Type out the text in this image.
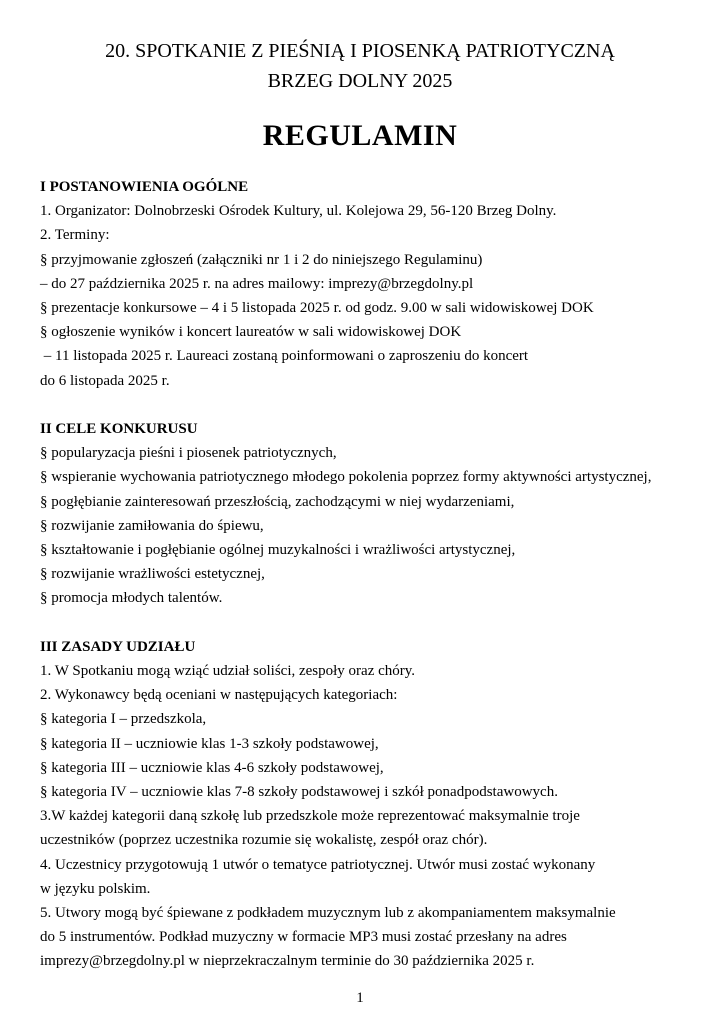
20. SPOTKANIE Z PIEŚNIĄ I PIOSENKĄ PATRIOTYCZNĄ
BRZEG DOLNY 2025
REGULAMIN
I POSTANOWIENIA OGÓLNE
1. Organizator: Dolnobrzeski Ośrodek Kultury, ul. Kolejowa 29, 56-120 Brzeg Dolny.
2. Terminy:
§ przyjmowanie zgłoszeń (załączniki nr 1 i 2 do niniejszego Regulaminu)
– do 27 października 2025 r. na adres mailowy: imprezy@brzegdolny.pl
§ prezentacje konkursowe – 4 i 5 listopada 2025 r. od godz. 9.00 w sali widowiskowej DOK
§ ogłoszenie wyników i koncert laureatów w sali widowiskowej DOK
– 11 listopada 2025 r. Laureaci zostaną poinformowani o zaproszeniu do koncert
do 6 listopada 2025 r.
II CELE KONKURUSU
§ popularyzacja pieśni i piosenek patriotycznych,
§ wspieranie wychowania patriotycznego młodego pokolenia poprzez formy aktywności artystycznej,
§ pogłębianie zainteresowań przeszłością, zachodzącymi w niej wydarzeniami,
§ rozwijanie zamiłowania do śpiewu,
§ kształtowanie i pogłębianie ogólnej muzykalności i wrażliwości artystycznej,
§ rozwijanie wrażliwości estetycznej,
§ promocja młodych talentów.
III ZASADY UDZIAŁU
1. W Spotkaniu mogą wziąć udział soliści, zespoły oraz chóry.
2. Wykonawcy będą oceniani w następujących kategoriach:
§ kategoria I – przedszkola,
§ kategoria II – uczniowie klas 1-3 szkoły podstawowej,
§ kategoria III – uczniowie klas 4-6 szkoły podstawowej,
§ kategoria IV – uczniowie klas 7-8 szkoły podstawowej i szkół ponadpodstawowych.
3.W każdej kategorii daną szkołę lub przedszkole może reprezentować maksymalnie troje
uczestników (poprzez uczestnika rozumie się wokalistę, zespół oraz chór).
4. Uczestnicy przygotowują 1 utwór o tematyce patriotycznej. Utwór musi zostać wykonany
w języku polskim.
5. Utwory mogą być śpiewane z podkładem muzycznym lub z akompaniamentem maksymalnie
do 5 instrumentów. Podkład muzyczny w formacie MP3 musi zostać przesłany na adres
imprezy@brzegdolny.pl w nieprzekraczalnym terminie do 30 października 2025 r.
1
